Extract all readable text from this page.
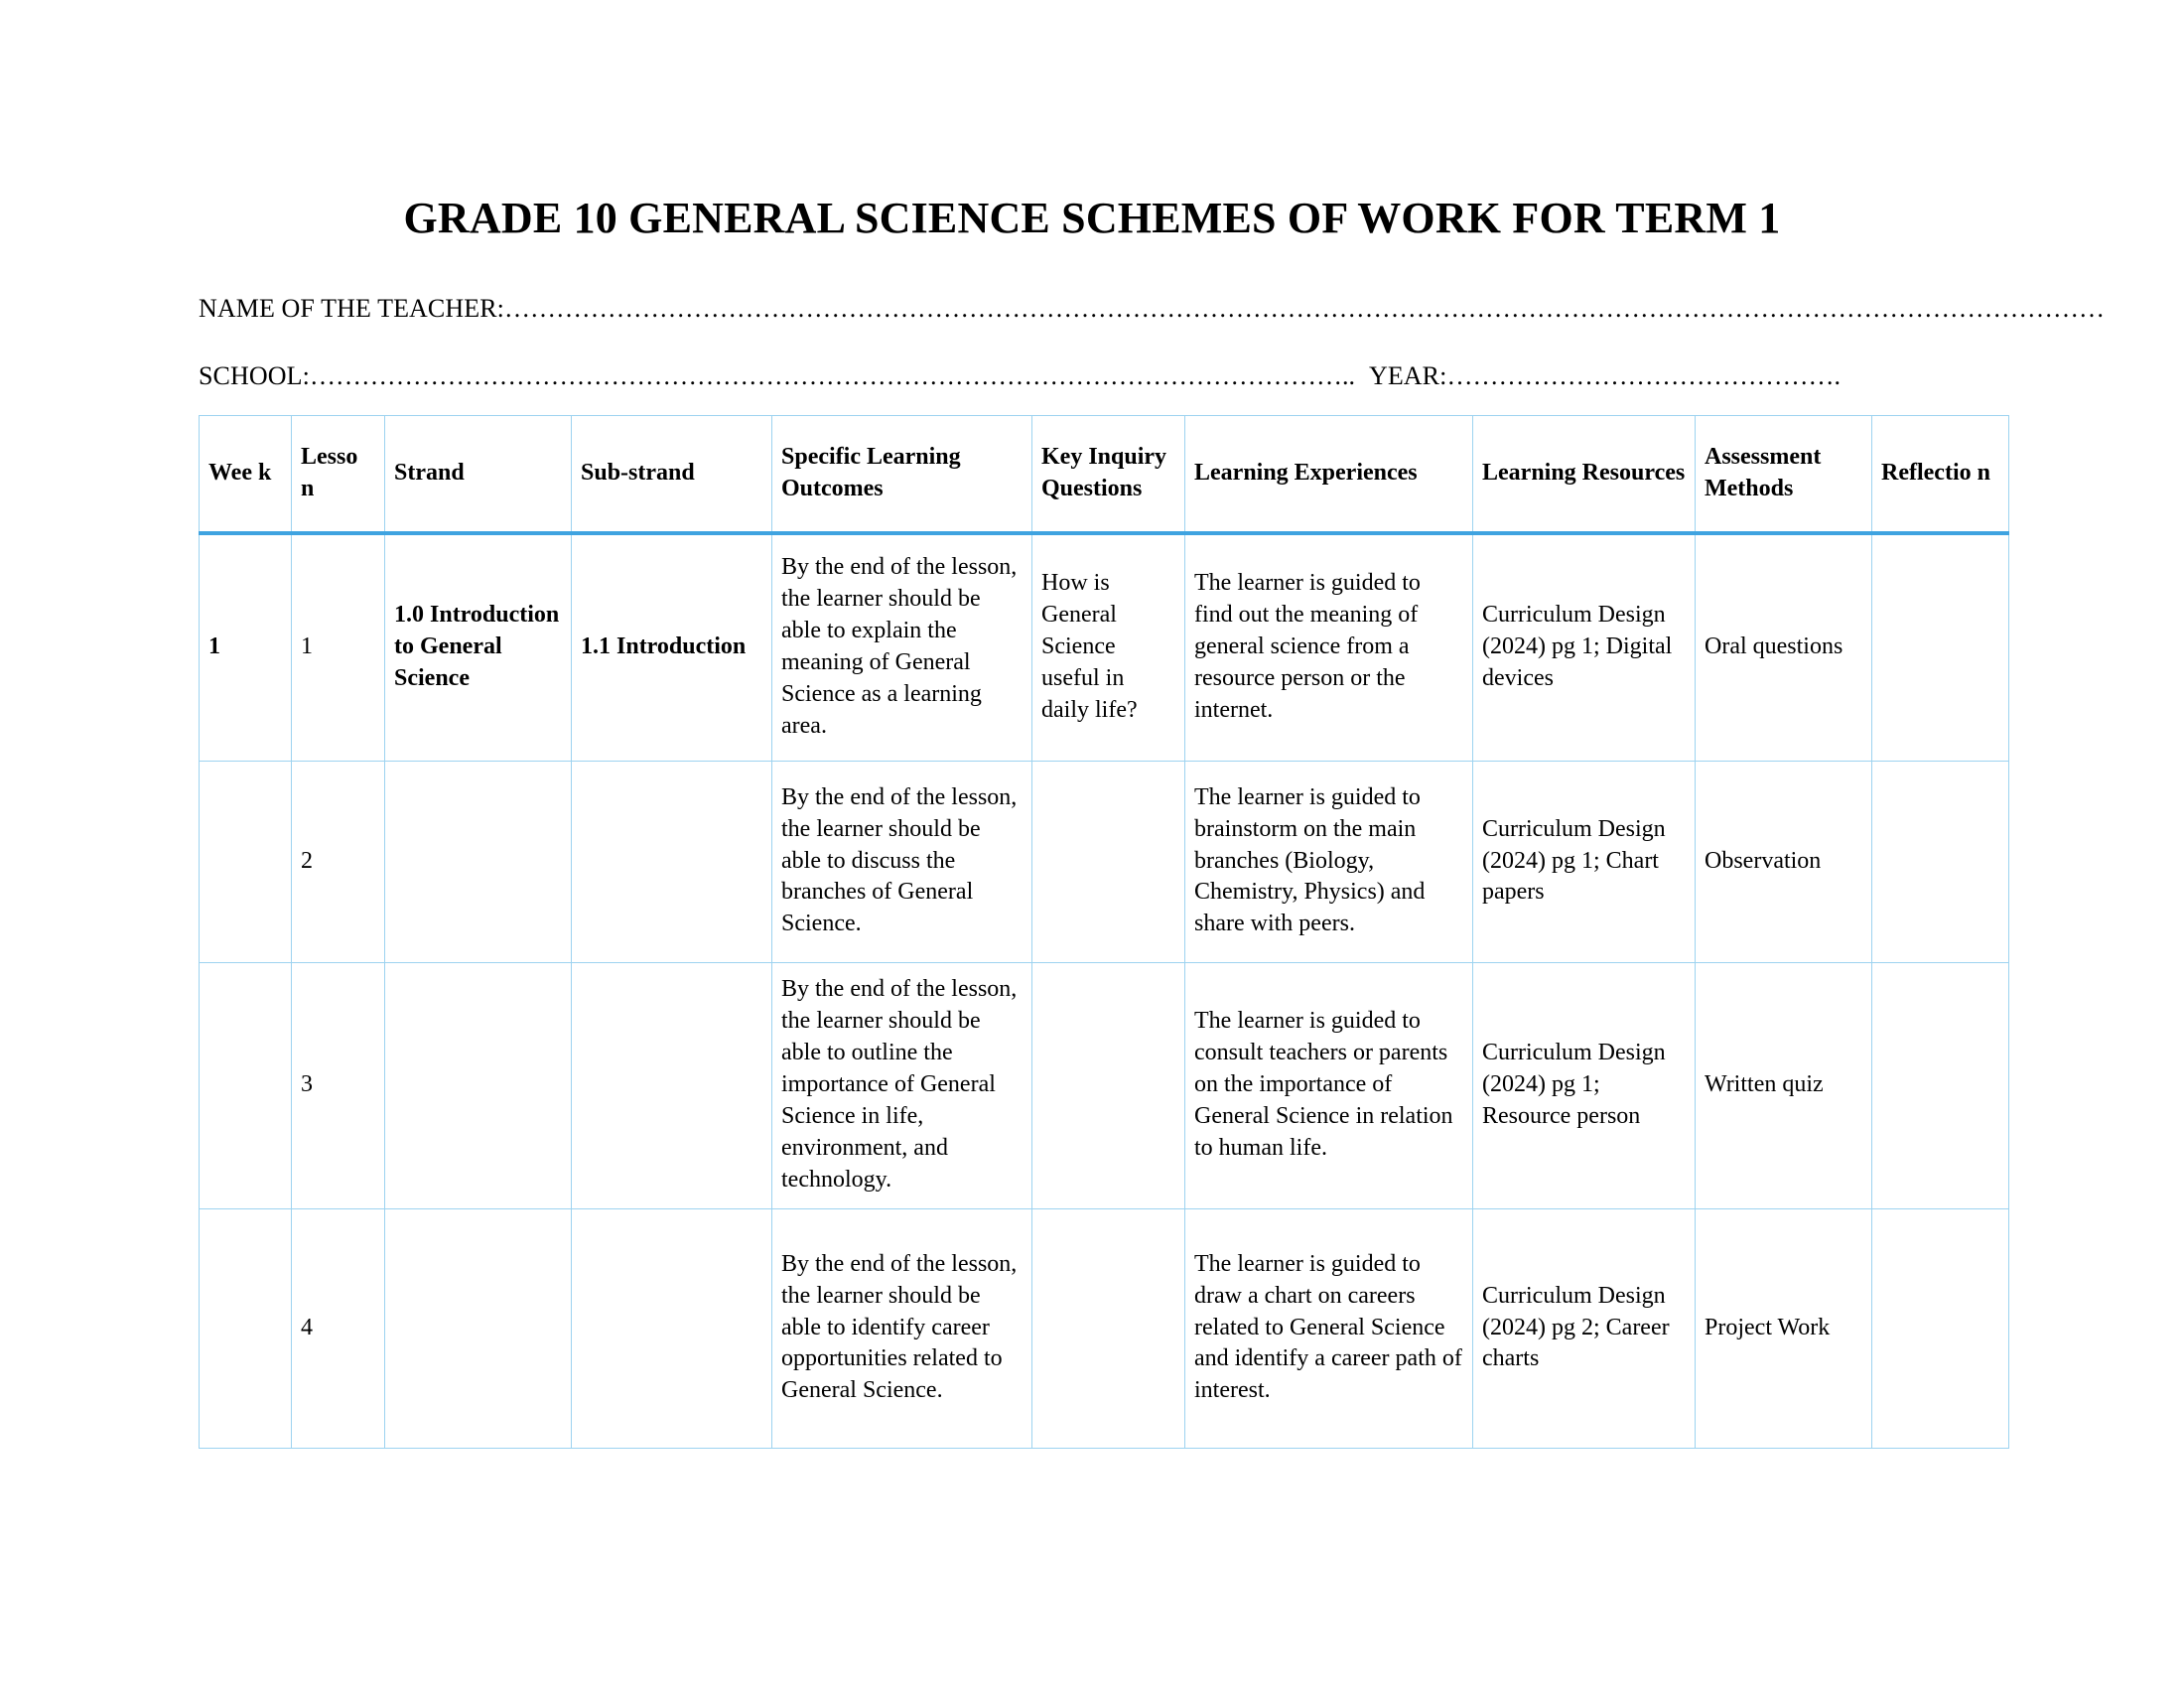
GRADE 10 GENERAL SCIENCE SCHEMES OF WORK FOR TERM 1
NAME OF THE TEACHER:……………………………………………………………………………………………………………………………………………………………………
SCHOOL:………………………………………………………………………………………………………….. YEAR:……………………………………….
Wee k	Lesso n	Strand	Sub-strand	Specific Learning Outcomes	Key Inquiry Questions	Learning Experiences	Learning Resources	Assessment Methods	Reflectio n
1	1	1.0 Introduction to General Science	1.1 Introduction	By the end of the lesson, the learner should be able to explain the meaning of General Science as a learning area.	How is General Science useful in daily life?	The learner is guided to find out the meaning of general science from a resource person or the internet.	Curriculum Design (2024) pg 1; Digital devices	Oral questions	
	2			By the end of the lesson, the learner should be able to discuss the branches of General Science.		The learner is guided to brainstorm on the main branches (Biology, Chemistry, Physics) and share with peers.	Curriculum Design (2024) pg 1; Chart papers	Observation	
	3			By the end of the lesson, the learner should be able to outline the importance of General Science in life, environment, and technology.		The learner is guided to consult teachers or parents on the importance of General Science in relation to human life.	Curriculum Design (2024) pg 1; Resource person	Written quiz	
	4			By the end of the lesson, the learner should be able to identify career opportunities related to General Science.		The learner is guided to draw a chart on careers related to General Science and identify a career path of interest.	Curriculum Design (2024) pg 2; Career charts	Project Work	
